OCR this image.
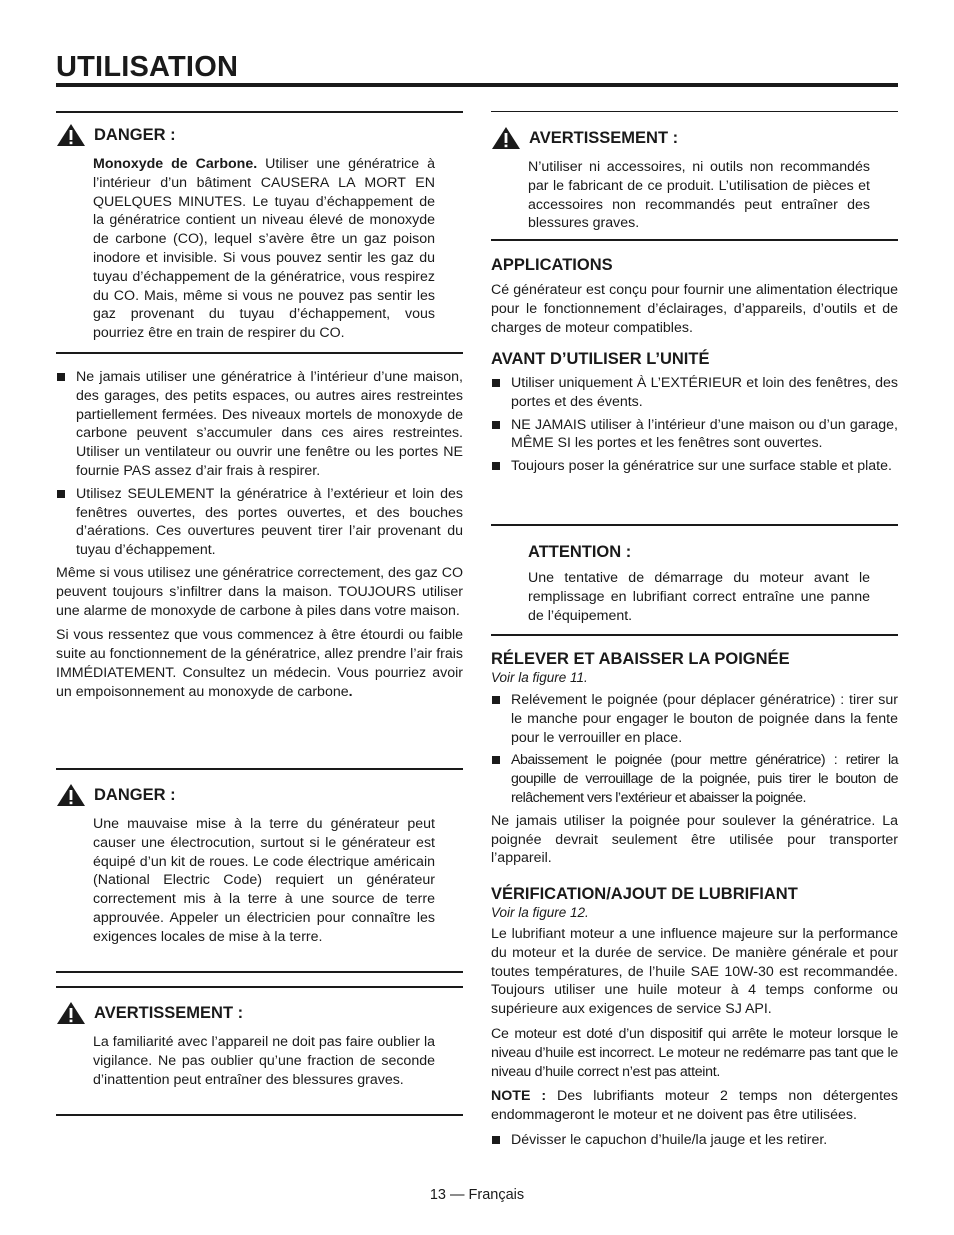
UTILISATION
DANGER :
Monoxyde de Carbone. Utiliser une génératrice à l’intérieur d’un bâtiment CAUSERA LA MORT EN QUELQUES MINUTES. Le tuyau d’échappement de la génératrice contient un niveau élevé de monoxyde de carbone (CO), lequel s’avère être un gaz poison inodore et invisible. Si vous pouvez sentir les gaz du tuyau d’échappement de la génératrice, vous respirez du CO. Mais, même si vous ne pouvez pas sentir les gaz provenant du tuyau d’échappement, vous pourriez être en train de respirer du CO.
Ne jamais utiliser une génératrice à l’intérieur d’une maison, des garages, des petits espaces, ou autres aires restreintes partiellement fermées. Des niveaux mortels de monoxyde de carbone peuvent s’accumuler dans ces aires restreintes. Utiliser un ventilateur ou ouvrir une fenêtre ou les portes NE fournie PAS assez d’air frais à respirer.
Utilisez SEULEMENT la génératrice à l’extérieur et loin des fenêtres ouvertes, des portes ouvertes, et des bouches d’aérations. Ces ouvertures peuvent tirer l’air provenant du tuyau d’échappement.

Même si vous utilisez une génératrice correctement, des gaz CO peuvent toujours s’infiltrer dans la maison. TOUJOURS utiliser une alarme de monoxyde de carbone à piles dans votre maison.

Si vous ressentez que vous commencez à être étourdi ou faible suite au fonctionnement de la génératrice, allez prendre l’air frais IMMÉDIATEMENT. Consultez un médecin. Vous pourriez avoir un empoisonnement au monoxyde de carbone.

DANGER :
Une mauvaise mise à la terre du générateur peut causer une électrocution, surtout si le générateur est équipé d’un kit de roues. Le code électrique américain (National Electric Code) requiert un générateur correctement mis à la terre à une source de terre approuvée. Appeler un électricien pour connaître les exigences locales de mise à la terre.
AVERTISSEMENT :
La familiarité avec l’appareil ne doit pas faire oublier la vigilance. Ne pas oublier qu’une fraction de seconde d’inattention peut entraîner des blessures graves.
AVERTISSEMENT :
N’utiliser ni accessoires, ni outils non recommandés par le fabricant de ce produit. L’utilisation de pièces et accessoires non recommandés peut entraîner des blessures graves.
APPLICATIONS

Cé générateur est conçu pour fournir une alimentation électrique pour le fonctionnement d’éclairages, d’appareils, d’outils et de charges de moteur compatibles.

AVANT D’UTILISER L’UNITÉ
Utiliser uniquement À L’EXTÉRIEUR et loin des fenêtres, des portes et des évents.
NE JAMAIS utiliser à l’intérieur d’une maison ou d’un garage, MÊME SI les portes et les fenêtres sont ouvertes.
Toujours poser la génératrice sur une surface stable et plate.
ATTENTION :
Une tentative de démarrage du moteur avant le remplissage en lubrifiant correct entraîne une panne de l’équipement.
RÉLEVER ET ABAISSER LA POIGNÉE
Voir la figure 11.
Relévement le poignée (pour déplacer génératrice) : tirer sur le manche pour engager le bouton de poignée dans la fente pour le verrouiller en place.
Abaissement le poignée (pour mettre génératrice) : retirer la goupille de verrouillage de la poignée, puis tirer le bouton de relâchement vers l’extérieur et abaisser la poignée.

Ne jamais utiliser la poignée pour soulever la génératrice. La poignée devrait seulement être utilisée pour transporter l’appareil.

VÉRIFICATION/AJOUT DE LUBRIFIANT
Voir la figure 12.

Le lubrifiant moteur a une influence majeure sur la performance du moteur et la durée de service. De manière générale et pour toutes températures, de l’huile SAE 10W-30 est recommandée. Toujours utiliser une huile moteur à 4 temps conforme ou supérieure aux exigences de service SJ API.

Ce moteur est doté d’un dispositif qui arrête le moteur lorsque le niveau d’huile est incorrect. Le moteur ne redémarre pas tant que le niveau d’huile correct n’est pas atteint.

NOTE : Des lubrifiants moteur 2 temps non détergentes endommageront le moteur et ne doivent pas être utilisées.

Dévisser le capuchon d’huile/la jauge et les retirer.
13 — Français
